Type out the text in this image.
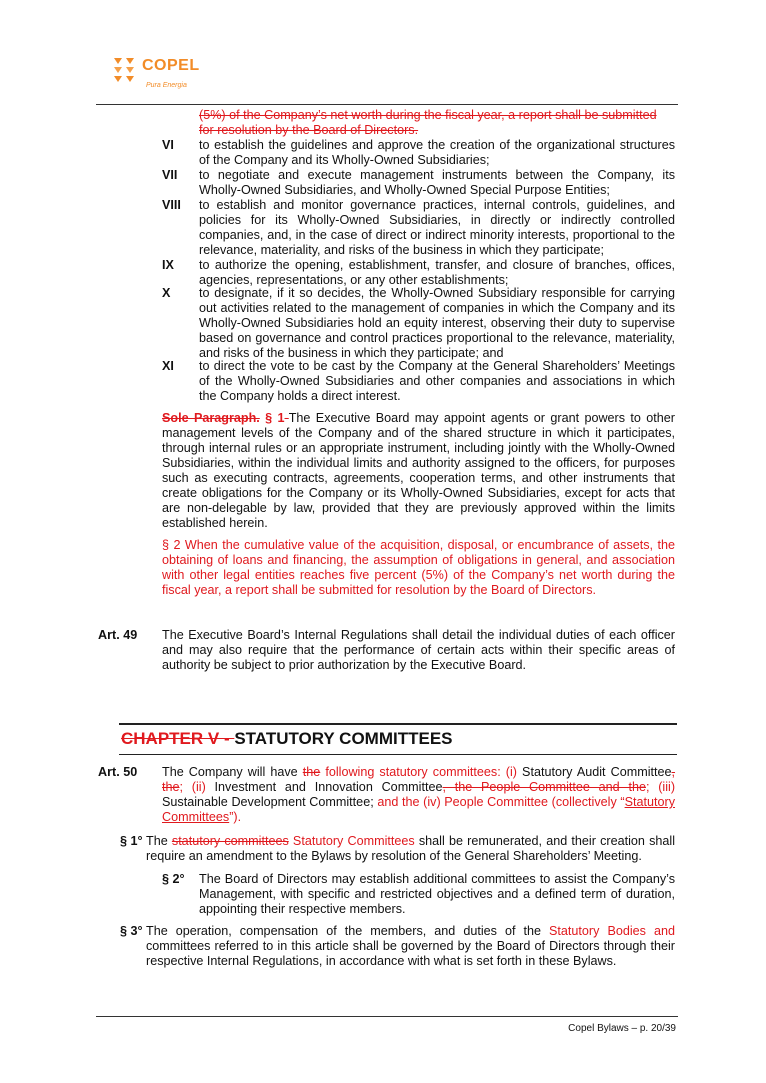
COPEL
Pura Energia
(5%) of the Company’s net worth during the fiscal year, a report shall be submitted
for resolution by the Board of Directors.
VI to establish the guidelines and approve the creation of the organizational structures of the Company and its Wholly-Owned Subsidiaries;
VII to negotiate and execute management instruments between the Company, its Wholly-Owned Subsidiaries, and Wholly-Owned Special Purpose Entities;
VIII to establish and monitor governance practices, internal controls, guidelines, and policies for its Wholly-Owned Subsidiaries, in directly or indirectly controlled companies, and, in the case of direct or indirect minority interests, proportional to the relevance, materiality, and risks of the business in which they participate;
IX to authorize the opening, establishment, transfer, and closure of branches, offices, agencies, representations, or any other establishments;
X to designate, if it so decides, the Wholly-Owned Subsidiary responsible for carrying out activities related to the management of companies in which the Company and its Wholly-Owned Subsidiaries hold an equity interest, observing their duty to supervise based on governance and control practices proportional to the relevance, materiality, and risks of the business in which they participate; and
XI to direct the vote to be cast by the Company at the General Shareholders’ Meetings of the Wholly-Owned Subsidiaries and other companies and associations in which the Company holds a direct interest.
Sole Paragraph. § 1-The Executive Board may appoint agents or grant powers to other management levels of the Company and of the shared structure in which it participates, through internal rules or an appropriate instrument, including jointly with the Wholly-Owned Subsidiaries, within the individual limits and authority assigned to the officers, for purposes such as executing contracts, agreements, cooperation terms, and other instruments that create obligations for the Company or its Wholly-Owned Subsidiaries, except for acts that are non-delegable by law, provided that they are previously approved within the limits established herein.
§ 2 When the cumulative value of the acquisition, disposal, or encumbrance of assets, the obtaining of loans and financing, the assumption of obligations in general, and association with other legal entities reaches five percent (5%) of the Company’s net worth during the fiscal year, a report shall be submitted for resolution by the Board of Directors.
Art. 49 The Executive Board’s Internal Regulations shall detail the individual duties of each officer and may also require that the performance of certain acts within their specific areas of authority be subject to prior authorization by the Executive Board.
CHAPTER V - STATUTORY COMMITTEES
Art. 50 The Company will have the following statutory committees: (i) Statutory Audit Committee, the; (ii) Investment and Innovation Committee, the People Committee and the; (iii) Sustainable Development Committee; and the (iv) People Committee (collectively “Statutory Committees”).
§ 1° The statutory committees Statutory Committees shall be remunerated, and their creation shall require an amendment to the Bylaws by resolution of the General Shareholders’ Meeting.
§ 2° The Board of Directors may establish additional committees to assist the Company’s Management, with specific and restricted objectives and a defined term of duration, appointing their respective members.
§ 3° The operation, compensation of the members, and duties of the Statutory Bodies and committees referred to in this article shall be governed by the Board of Directors through their respective Internal Regulations, in accordance with what is set forth in these Bylaws.
Copel Bylaws – p. 20/39
